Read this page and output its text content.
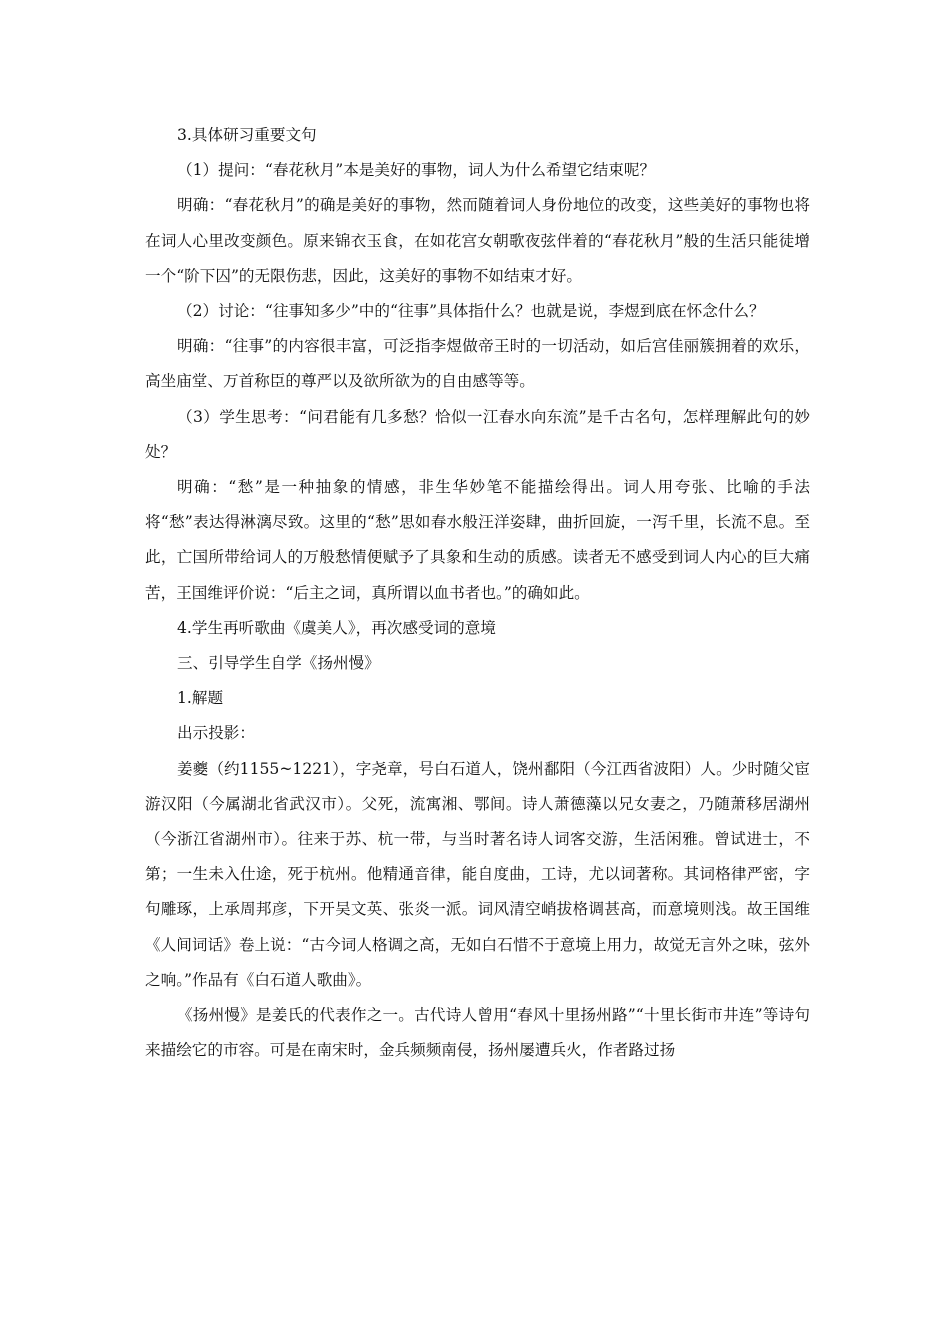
3.具体研习重要文句

（1）提问：“春花秋月”本是美好的事物，词人为什么希望它结束呢？

明确：“春花秋月”的确是美好的事物，然而随着词人身份地位的改变，这些美好的事物也将在词人心里改变颜色。原来锦衣玉食，在如花宫女朝歌夜弦伴着的“春花秋月”般的生活只能徒增一个“阶下囚”的无限伤悲，因此，这美好的事物不如结束才好。

（2）讨论：“往事知多少”中的“往事”具体指什么？也就是说，李煜到底在怀念什么？

明确：“往事”的内容很丰富，可泛指李煜做帝王时的一切活动，如后宫佳丽簇拥着的欢乐，高坐庙堂、万首称臣的尊严以及欲所欲为的自由感等等。

（3）学生思考：“问君能有几多愁？恰似一江春水向东流”是千古名句，怎样理解此句的妙处？

明确：“愁”是一种抽象的情感，非生华妙笔不能描绘得出。词人用夸张、比喻的手法将“愁”表达得淋漓尽致。这里的“愁”思如春水般汪洋姿肆，曲折回旋，一泻千里，长流不息。至此，亡国所带给词人的万般愁情便赋予了具象和生动的质感。读者无不感受到词人内心的巨大痛苦，王国维评价说：“后主之词，真所谓以血书者也。”的确如此。

4.学生再听歌曲《虞美人》，再次感受词的意境

三、引导学生自学《扬州慢》

1.解题

出示投影：

姜夔（约1155~1221），字尧章，号白石道人，饶州鄱阳（今江西省波阳）人。少时随父宦游汉阳（今属湖北省武汉市）。父死，流寓湘、鄂间。诗人萧德藻以兄女妻之，乃随萧移居湖州（今浙江省湖州市）。往来于苏、杭一带，与当时著名诗人词客交游，生活闲雅。曾试进士，不第；一生未入仕途，死于杭州。他精通音律，能自度曲，工诗，尤以词著称。其词格律严密，字句雕琢，上承周邦彦，下开吴文英、张炎一派。词风清空峭拔格调甚高，而意境则浅。故王国维《人间词话》卷上说：“古今词人格调之高，无如白石惜不于意境上用力，故觉无言外之味，弦外之响。”作品有《白石道人歌曲》。

《扬州慢》是姜氏的代表作之一。古代诗人曾用“春风十里扬州路”“十里长街市井连”等诗句来描绘它的市容。可是在南宋时，金兵频频南侵，扬州屡遭兵火，作者路过扬
